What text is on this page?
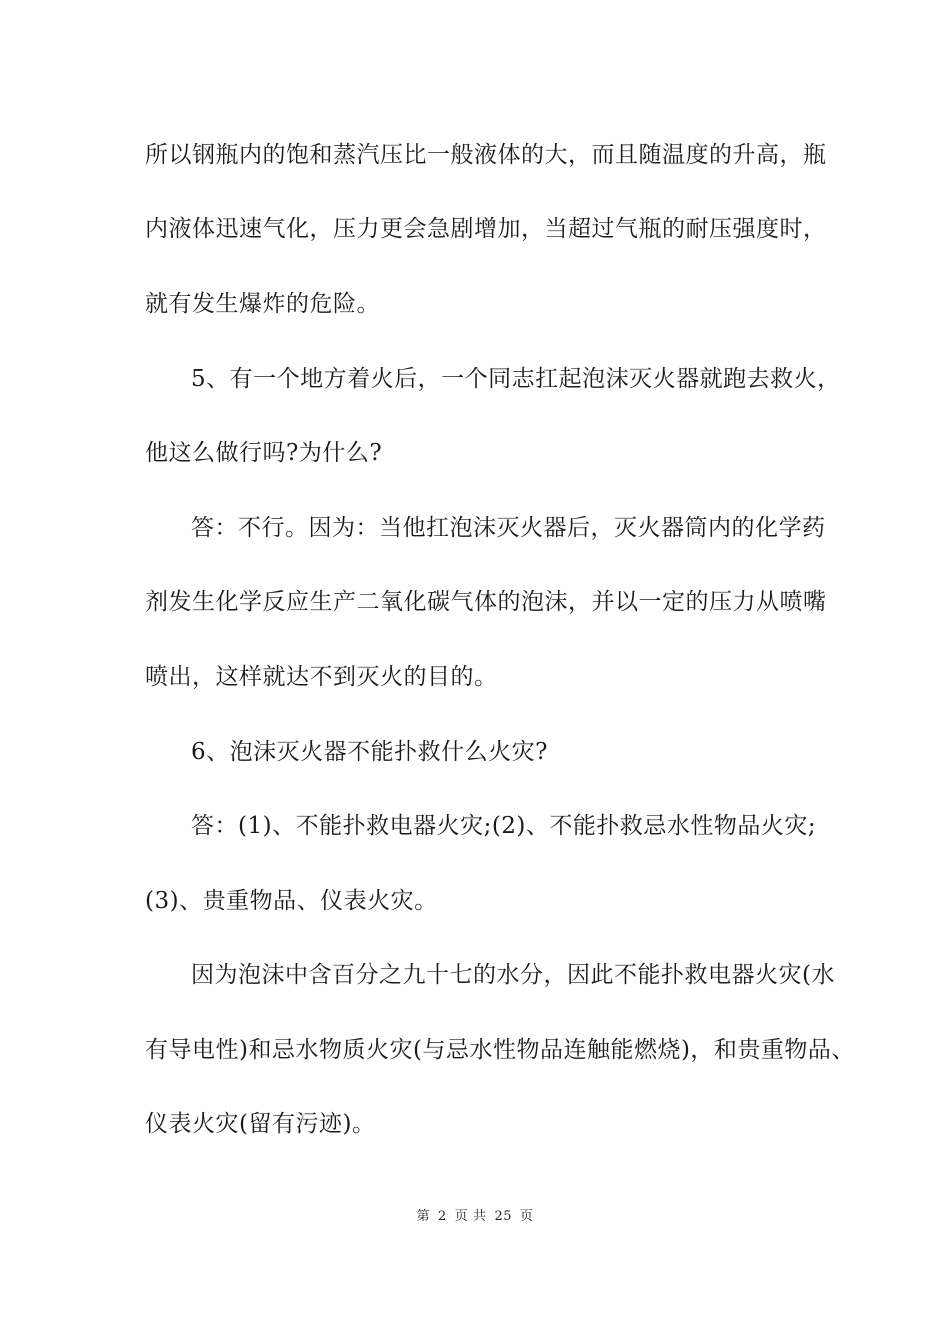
所以钢瓶内的饱和蒸汽压比一般液体的大，而且随温度的升高，瓶
内液体迅速气化，压力更会急剧增加，当超过气瓶的耐压强度时，
就有发生爆炸的危险。
5、有一个地方着火后，一个同志扛起泡沫灭火器就跑去救火，
他这么做行吗?为什么?
答：不行。因为：当他扛泡沫灭火器后，灭火器筒内的化学药
剂发生化学反应生产二氧化碳气体的泡沫，并以一定的压力从喷嘴
喷出，这样就达不到灭火的目的。
6、泡沫灭火器不能扑救什么火灾?
答：(1)、不能扑救电器火灾;(2)、不能扑救忌水性物品火灾;
(3)、贵重物品、仪表火灾。
因为泡沫中含百分之九十七的水分，因此不能扑救电器火灾(水
有导电性)和忌水物质火灾(与忌水性物品连触能燃烧)，和贵重物品、
仪表火灾(留有污迹)。
第 2 页 共 25 页
